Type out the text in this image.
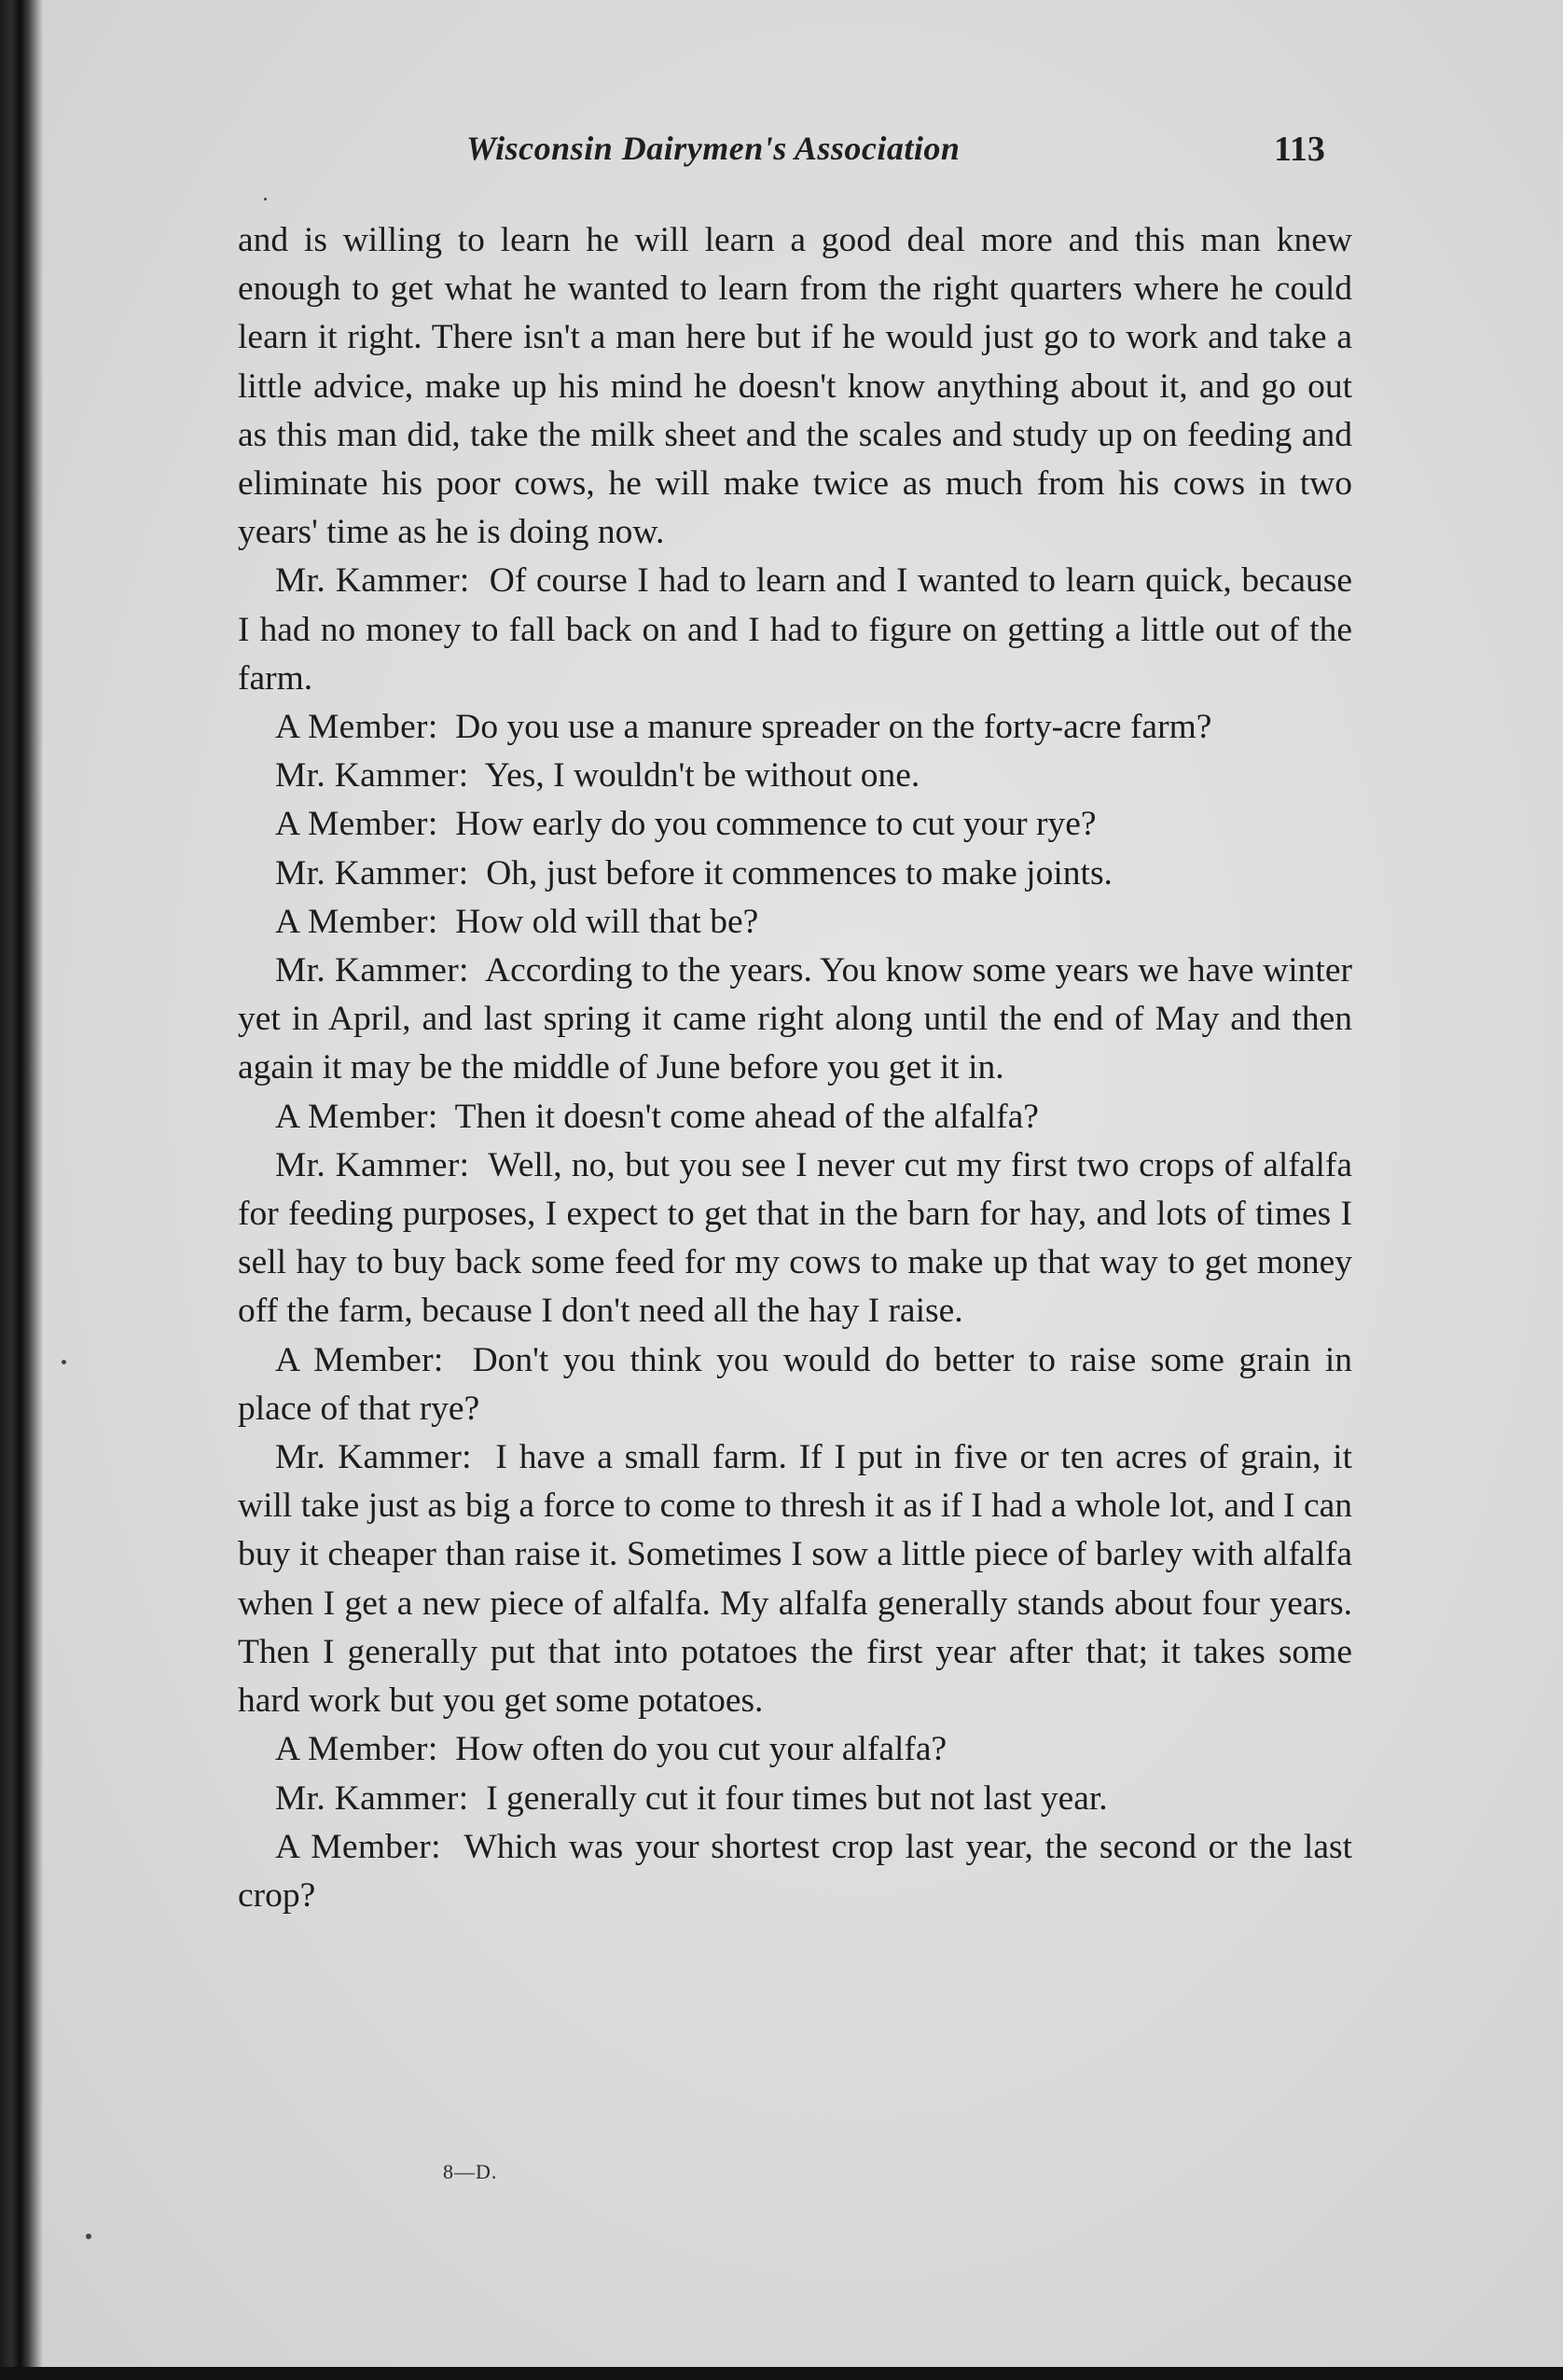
Wisconsin Dairymen's Association	113

and is willing to learn he will learn a good deal more and this man knew enough to get what he wanted to learn from the right quarters where he could learn it right. There isn't a man here but if he would just go to work and take a little advice, make up his mind he doesn't know anything about it, and go out as this man did, take the milk sheet and the scales and study up on feeding and eliminate his poor cows, he will make twice as much from his cows in two years' time as he is doing now.

Mr. Kammer: Of course I had to learn and I wanted to learn quick, because I had no money to fall back on and I had to figure on getting a little out of the farm.

A Member: Do you use a manure spreader on the forty-acre farm?

Mr. Kammer: Yes, I wouldn't be without one.

A Member: How early do you commence to cut your rye?

Mr. Kammer: Oh, just before it commences to make joints.

A Member: How old will that be?

Mr. Kammer: According to the years. You know some years we have winter yet in April, and last spring it came right along until the end of May and then again it may be the middle of June before you get it in.

A Member: Then it doesn't come ahead of the alfalfa?

Mr. Kammer: Well, no, but you see I never cut my first two crops of alfalfa for feeding purposes, I expect to get that in the barn for hay, and lots of times I sell hay to buy back some feed for my cows to make up that way to get money off the farm, because I don't need all the hay I raise.

A Member: Don't you think you would do better to raise some grain in place of that rye?

Mr. Kammer: I have a small farm. If I put in five or ten acres of grain, it will take just as big a force to come to thresh it as if I had a whole lot, and I can buy it cheaper than raise it. Sometimes I sow a little piece of barley with alfalfa when I get a new piece of alfalfa. My alfalfa generally stands about four years. Then I generally put that into potatoes the first year after that; it takes some hard work but you get some potatoes.

A Member: How often do you cut your alfalfa?

Mr. Kammer: I generally cut it four times but not last year.

A Member: Which was your shortest crop last year, the second or the last crop?

8—D.
